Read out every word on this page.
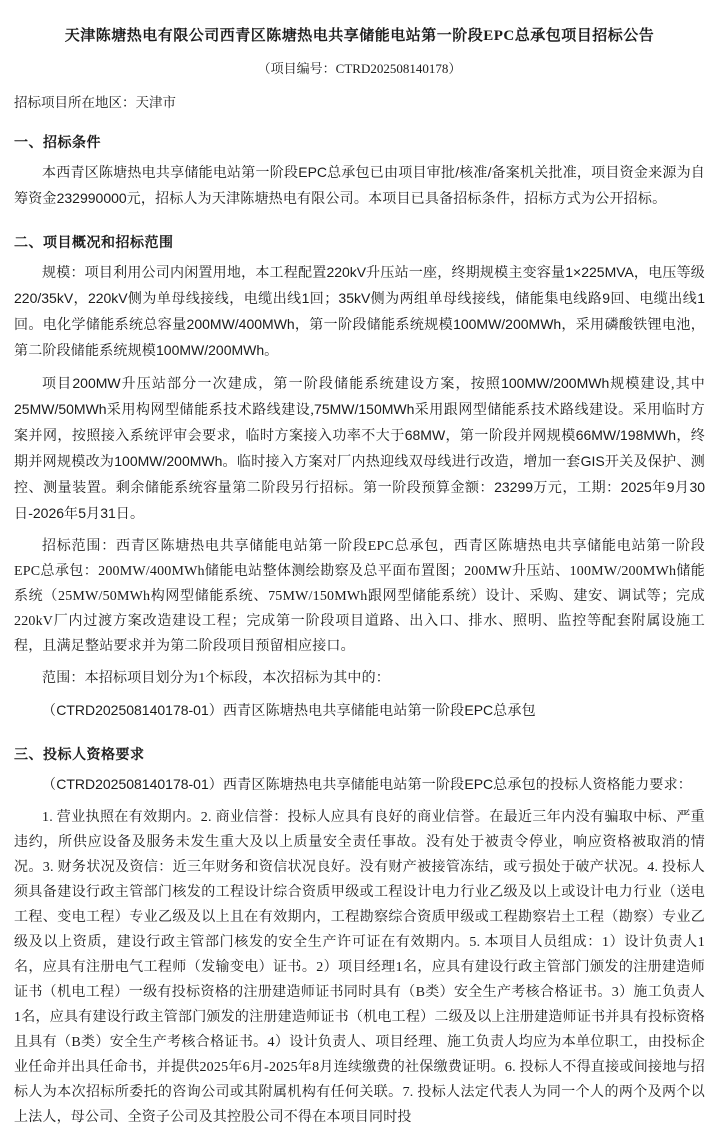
天津陈塘热电有限公司西青区陈塘热电共享储能电站第一阶段EPC总承包项目招标公告
（项目编号：CTRD202508140178）
招标项目所在地区：天津市
一、招标条件

本西青区陈塘热电共享储能电站第一阶段EPC总承包已由项目审批/核准/备案机关批准，项目资金来源为自筹资金232990000元，招标人为天津陈塘热电有限公司。本项目已具备招标条件，招标方式为公开招标。

二、项目概况和招标范围

规模：项目利用公司内闲置用地，本工程配置220kV升压站一座，终期规模主变容量1×225MVA，电压等级220/35kV，220kV侧为单母线接线，电缆出线1回；35kV侧为两组单母线接线，储能集电线路9回、电缆出线1回。电化学储能系统总容量200MW/400MWh，第一阶段储能系统规模100MW/200MWh，采用磷酸铁锂电池，第二阶段储能系统规模100MW/200MWh。

项目200MW升压站部分一次建成，第一阶段储能系统建设方案，按照100MW/200MWh规模建设,其中25MW/50MWh采用构网型储能系技术路线建设,75MW/150MWh采用跟网型储能系技术路线建设。采用临时方案并网，按照接入系统评审会要求，临时方案接入功率不大于68MW，第一阶段并网规模66MW/198MWh，终期并网规模改为100MW/200MWh。临时接入方案对厂内热迎线双母线进行改造，增加一套GIS开关及保护、测控、测量装置。剩余储能系统容量第二阶段另行招标。第一阶段预算金额：23299万元，工期：2025年9月30日-2026年5月31日。

招标范围：西青区陈塘热电共享储能电站第一阶段EPC总承包，西青区陈塘热电共享储能电站第一阶段EPC总承包：200MW/400MWh储能电站整体测绘勘察及总平面布置图；200MW升压站、100MW/200MWh储能系统（25MW/50MWh构网型储能系统、75MW/150MWh跟网型储能系统）设计、采购、建安、调试等；完成220kV厂内过渡方案改造建设工程；完成第一阶段项目道路、出入口、排水、照明、监控等配套附属设施工程，且满足整站要求并为第二阶段项目预留相应接口。

范围：本招标项目划分为1个标段，本次招标为其中的：

（CTRD202508140178-01）西青区陈塘热电共享储能电站第一阶段EPC总承包

三、投标人资格要求

（CTRD202508140178-01）西青区陈塘热电共享储能电站第一阶段EPC总承包的投标人资格能力要求：

1. 营业执照在有效期内。2. 商业信誉：投标人应具有良好的商业信誉。在最近三年内没有骗取中标、严重违约，所供应设备及服务未发生重大及以上质量安全责任事故。没有处于被责令停业，响应资格被取消的情况。3. 财务状况及资信：近三年财务和资信状况良好。没有财产被接管冻结，或亏损处于破产状况。4. 投标人须具备建设行政主管部门核发的工程设计综合资质甲级或工程设计电力行业乙级及以上或设计电力行业（送电工程、变电工程）专业乙级及以上且在有效期内，工程勘察综合资质甲级或工程勘察岩土工程（勘察）专业乙级及以上资质，建设行政主管部门核发的安全生产许可证在有效期内。5. 本项目人员组成：1）设计负责人1名，应具有注册电气工程师（发输变电）证书。2）项目经理1名，应具有建设行政主管部门颁发的注册建造师证书（机电工程）一级有投标资格的注册建造师证书同时具有（B类）安全生产考核合格证书。3）施工负责人1名，应具有建设行政主管部门颁发的注册建造师证书（机电工程）二级及以上注册建造师证书并具有投标资格且具有（B类）安全生产考核合格证书。4）设计负责人、项目经理、施工负责人均应为本单位职工，由投标企业任命并出具任命书，并提供2025年6月-2025年8月连续缴费的社保缴费证明。6. 投标人不得直接或间接地与招标人为本次招标所委托的咨询公司或其附属机构有任何关联。7. 投标人法定代表人为同一个人的两个及两个以上法人，母公司、全资子公司及其控股公司不得在本项目同时投
